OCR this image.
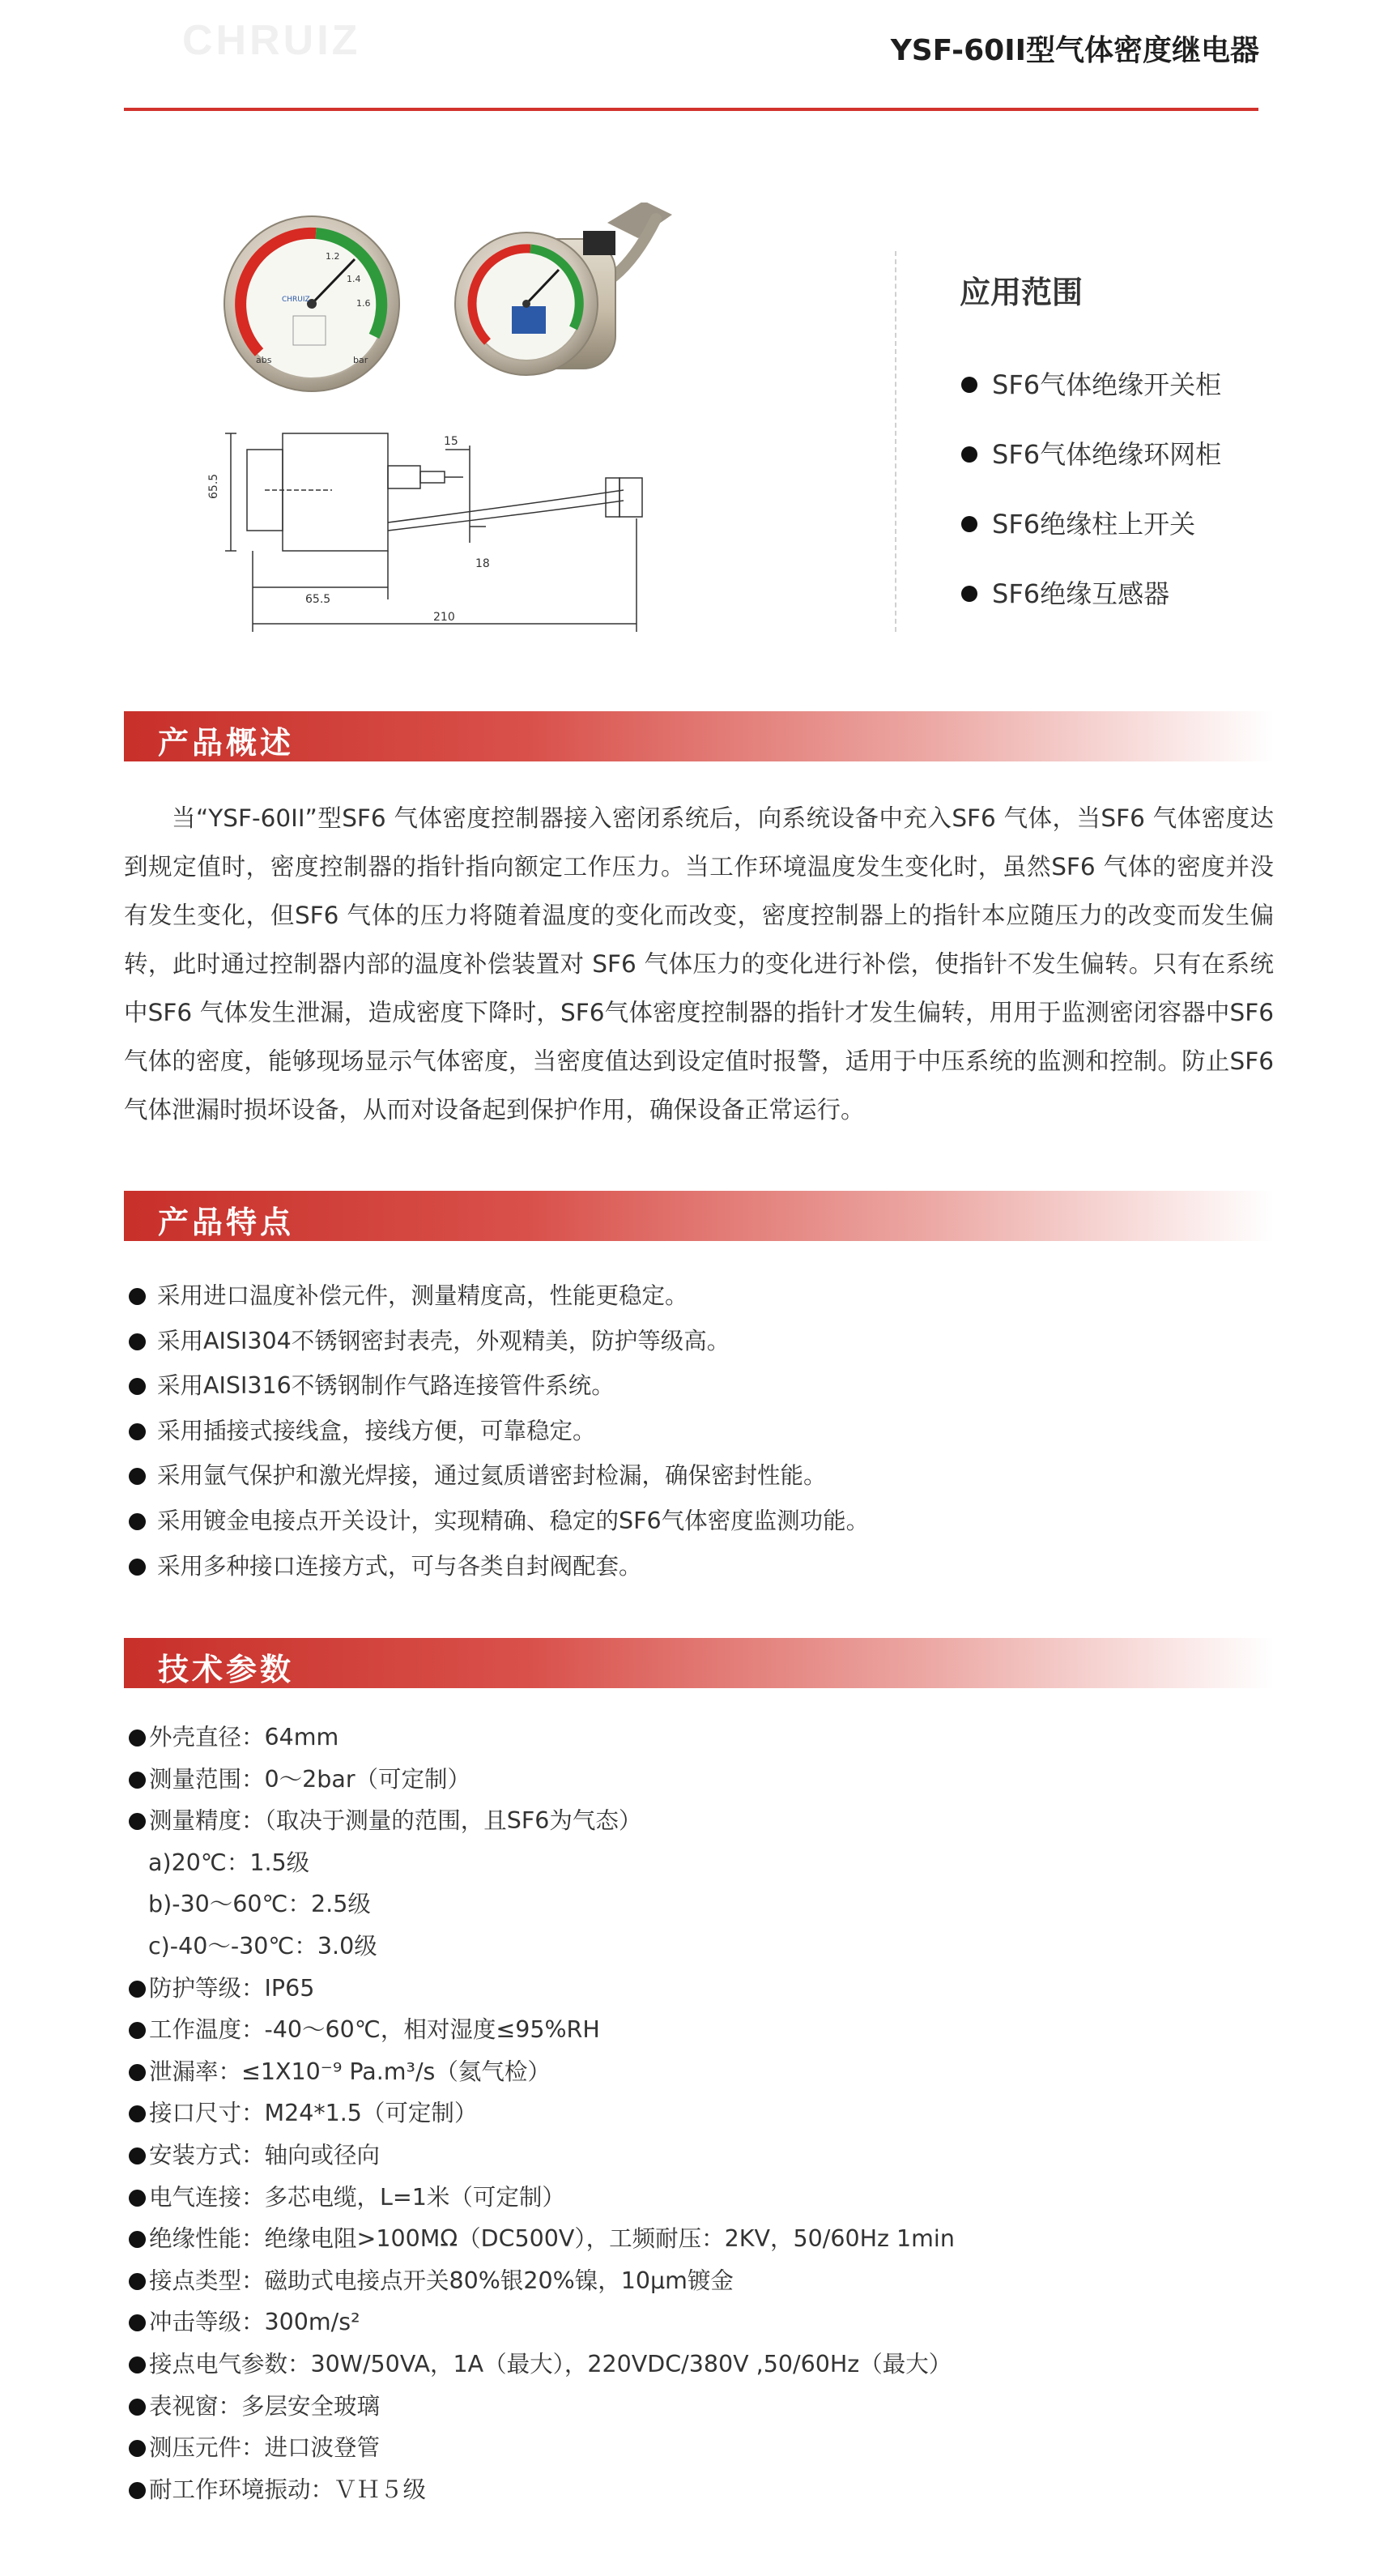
CHRUIZ	YSF-60II型气体密度继电器
1.2
1.4
1.6
CHRUIZ
abs	bar
65.5
15
18
65.5
210
应用范围
SF6气体绝缘开关柜
SF6气体绝缘环网柜
SF6绝缘柱上开关
SF6绝缘互感器
产品概述

当“YSF-60II”型SF6 气体密度控制器接入密闭系统后，向系统设备中充入SF6 气体，当SF6 气体密度达到规定值时，密度控制器的指针指向额定工作压力。当工作环境温度发生变化时，虽然SF6 气体的密度并没有发生变化，但SF6 气体的压力将随着温度的变化而改变，密度控制器上的指针本应随压力的改变而发生偏转，此时通过控制器内部的温度补偿装置对 SF6 气体压力的变化进行补偿，使指针不发生偏转。只有在系统中SF6 气体发生泄漏，造成密度下降时，SF6气体密度控制器的指针才发生偏转，用用于监测密闭容器中SF6气体的密度，能够现场显示气体密度，当密度值达到设定值时报警，适用于中压系统的监测和控制。防止SF6气体泄漏时损坏设备，从而对设备起到保护作用，确保设备正常运行。

产品特点
采用进口温度补偿元件，测量精度高，性能更稳定。
采用AISI304不锈钢密封表壳，外观精美，防护等级高。
采用AISI316不锈钢制作气路连接管件系统。
采用插接式接线盒，接线方便，可靠稳定。
采用氩气保护和激光焊接，通过氦质谱密封检漏，确保密封性能。
采用镀金电接点开关设计，实现精确、稳定的SF6气体密度监测功能。
采用多种接口连接方式，可与各类自封阀配套。
技术参数
外壳直径：64mm
测量范围：0～2bar（可定制）
测量精度：（取决于测量的范围，且SF6为气态）
a)20℃：1.5级
b)-30～60℃：2.5级
c)-40～-30℃：3.0级
防护等级：IP65
工作温度：-40～60℃，相对湿度≤95%RH
泄漏率：≤1X10⁻⁹ Pa.m³/s（氦气检）
接口尺寸：M24*1.5（可定制）
安装方式：轴向或径向
电气连接：多芯电缆，L=1米（可定制）
绝缘性能：绝缘电阻>100MΩ（DC500V），工频耐压：2KV，50/60Hz 1min
接点类型：磁助式电接点开关80%银20%镍，10μm镀金
冲击等级：300m/s²
接点电气参数：30W/50VA，1A（最大），220VDC/380V ,50/60Hz（最大）
表视窗：多层安全玻璃
测压元件：进口波登管
耐工作环境振动：ＶＨ５级
